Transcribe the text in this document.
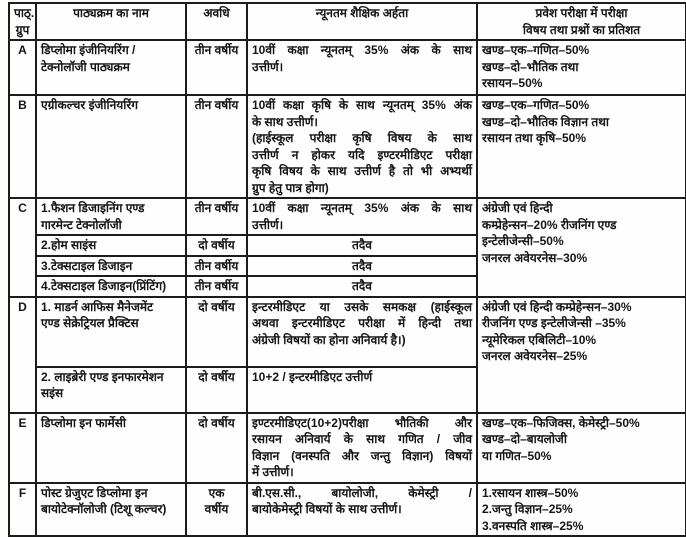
पाठ्.
ग्रुप	पाठ्यक्रम का नाम	अवधि	न्यूनतम शैक्षिक अर्हता	प्रवेश परीक्षा में परीक्षा
विषय तथा प्रश्नों का प्रतिशत

A	डिप्लोमा इंजीनियरिंग /
टेक्नोलॉजी पाठ्यक्रम	तीन वर्षीय	10वीं कक्षा न्यूनतम् 35% अंक के साथ
उत्तीर्ण।	खण्ड–एक–गणित–50%
खण्ड–दो–भौतिक तथा
रसायन–50%

B	एग्रीकल्चर इंजीनियरिंग	तीन वर्षीय	10वीं कक्षा कृषि के साथ न्यूनतम् 35% अंक
के साथ उत्तीर्ण।
(हाईस्कूल परीक्षा कृषि विषय के साथ
उत्तीर्ण न होकर यदि इण्टरमीडिएट परीक्षा
कृषि विषय के साथ उत्तीर्ण है तो भी अभ्यर्थी
ग्रुप हेतु पात्र होगा)

खण्ड–एक–गणित–50%
खण्ड–दो–भौतिक विज्ञान तथा
रसायन तथा कृषि–50%

C	1.फैशन डिजाइनिंग एण्ड
गारमेन्ट टेक्नोलॉजी	तीन वर्षीय	10वीं कक्षा न्यूनतम् 35% अंक के साथ
उत्तीर्ण।	अंग्रेजी एवं हिन्दी
कम्प्रेहेन्सन–20% रीजनिंग एण्ड
इन्टेलीजेन्सी–50%
जनरल अवेयरनेस–30%

	2.होम साइंस	दो वर्षीय	तदैव	

	3.टेक्सटाइल डिजाइन	तीन वर्षीय	तदैव	

	4.टेक्सटाइल डिजाइन(प्रिंटिंग)	तीन वर्षीय	तदैव	
D	1. माडर्न आफिस मैनेजमेंट
एण्ड सेक्रेट्रियल प्रैक्टिस	दो वर्षीय	इन्टरमीडिएट या उसके समकक्ष (हाईस्कूल
अथवा इन्टरमीडिएट परीक्षा में हिन्दी तथा
अंग्रेजी विषयों का होना अनिवार्य है।)	अंग्रेजी एवं हिन्दी कम्प्रेहेन्सन–30%
रीजनिंग एण्ड इन्टेलीजेन्सी –35%
न्यूमेरिकल एबिलिटी–10%
जनरल अवेयरनेस–25%

	2. लाइब्रेरी एण्ड इनफारमेशन
सइंस	दो वर्षीय	10+2 / इन्टरमीडिएट उत्तीर्ण	

E	डिप्लोमा इन फार्मेसी	दो वर्षीय	इण्टरमीडिएट(10+2)परीक्षा भौतिकी और
रसायन अनिवार्य के साथ गणित / जीव
विज्ञान (वनस्पति और जन्तु विज्ञान) विषयों
में उत्तीर्ण।	खण्ड–एक–फिजिक्स, केमेस्ट्री–50%
खण्ड–दो–बायलोजी
या गणित–50%

F	पोस्ट ग्रेजुएट डिप्लोमा इन
बायोटेक्नॉलोजी (टिशू कल्चर)	एक
वर्षीय	बी.एस.सी., बायोलोजी, केमेस्ट्री /
बायोकेमेस्ट्री विषयों के साथ उत्तीर्ण।	1.रसायन शास्त्र–50%
2.जन्तु विज्ञान–25%
3.वनस्पति शास्त्र–25%
